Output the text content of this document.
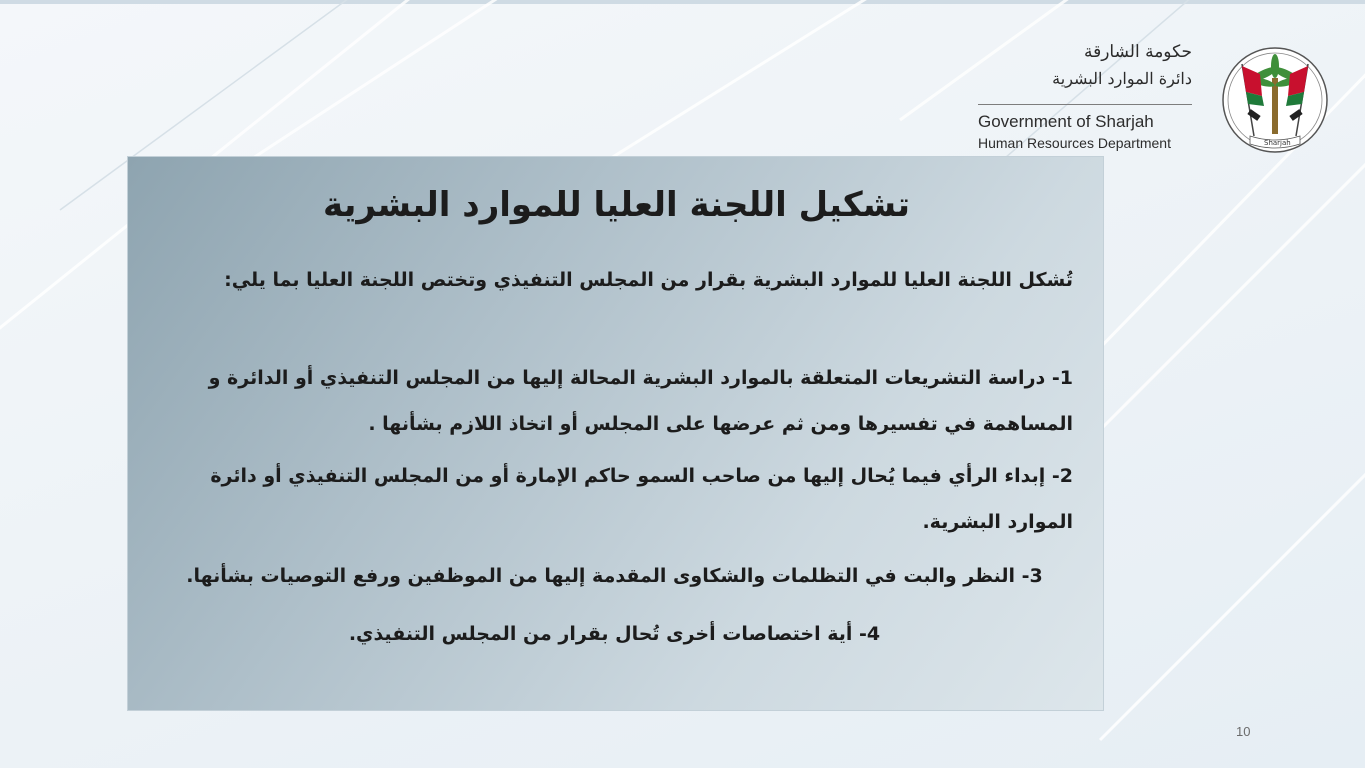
حكومة الشارقة
دائرة الموارد البشرية
Government of Sharjah
Human Resources Department	Sharjah
تشكيل اللجنة العليا للموارد البشرية
تُشكل اللجنة العليا للموارد البشرية بقرار من المجلس التنفيذي وتختص اللجنة العليا بما يلي:
1- دراسة التشريعات المتعلقة بالموارد البشرية المحالة إليها من المجلس التنفيذي أو الدائرة و المساهمة في تفسيرها ومن ثم عرضها على المجلس أو اتخاذ اللازم بشأنها .
2- إبداء الرأي فيما يُحال إليها من صاحب السمو حاكم الإمارة أو من المجلس التنفيذي أو دائرة الموارد البشرية.
3- النظر والبت في التظلمات والشكاوى المقدمة إليها من الموظفين ورفع التوصيات بشأنها.
4- أية اختصاصات أخرى تُحال بقرار من المجلس التنفيذي.
10
